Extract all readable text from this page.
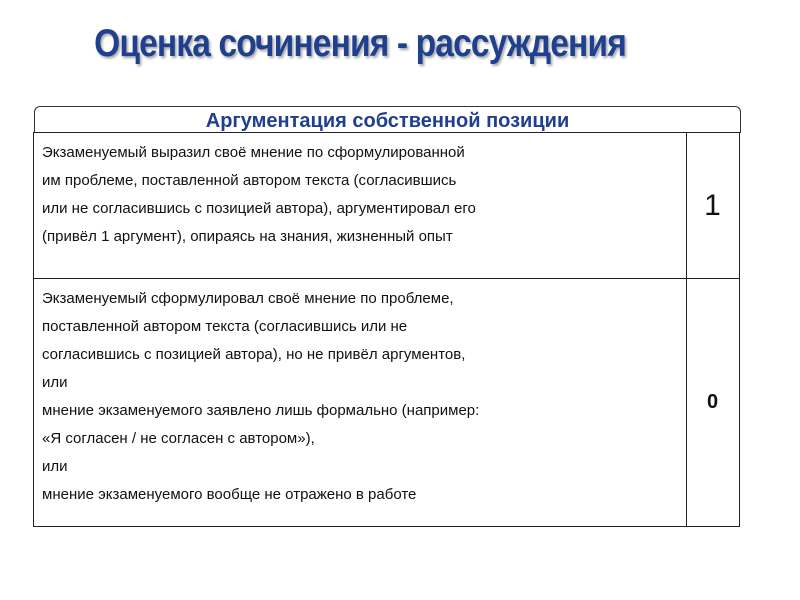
Оценка сочинения - рассуждения
Аргументация собственной позиции
Экзаменуемый выразил своё мнение по сформулированной
им проблеме, поставленной автором текста (согласившись
или не согласившись с позицией автора), аргументировал его
(привёл 1 аргумент), опираясь на знания, жизненный опыт
1
Экзаменуемый сформулировал своё мнение по проблеме,
поставленной автором текста (согласившись или не
согласившись с позицией автора), но не привёл аргументов,
или
мнение экзаменуемого заявлено лишь формально (например:
«Я согласен / не согласен с автором»),
или
мнение экзаменуемого вообще не отражено в работе
0
